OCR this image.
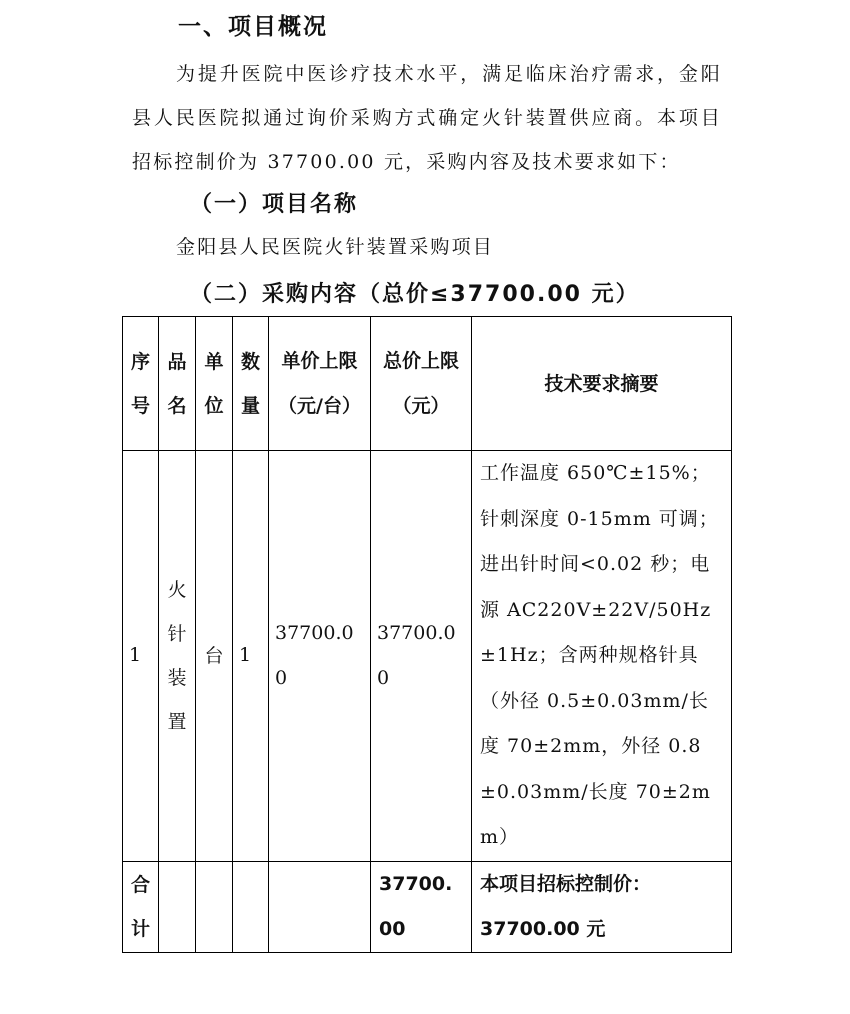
一、项目概况
为提升医院中医诊疗技术水平，满足临床治疗需求，金阳县人民医院拟通过询价采购方式确定火针装置供应商。本项目招标控制价为 37700.00 元，采购内容及技术要求如下：
（一）项目名称
金阳县人民医院火针装置采购项目
（二）采购内容（总价≤37700.00 元）
序号	品名	单位	数量	单价上限（元/台）	总价上限（元）	技术要求摘要

1	火针装置	台	1	37700.00	37700.00	工作温度 650℃±15%；针刺深度 0-15mm 可调；进出针时间<0.02 秒；电源 AC220V±22V/50Hz±1Hz；含两种规格针具（外径 0.5±0.03mm/长度 70±2mm，外径 0.8±0.03mm/长度 70±2mm）

合计					37700.00	本项目招标控制价：
37700.00 元
